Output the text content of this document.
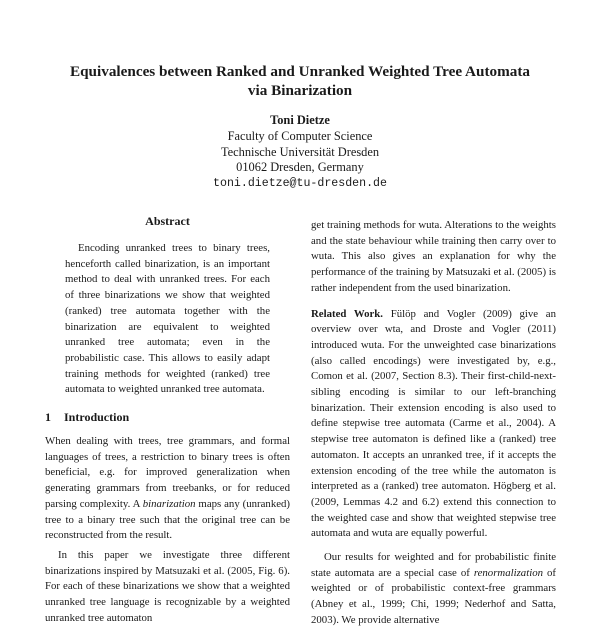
Equivalences between Ranked and Unranked Weighted Tree Automata
via Binarization
Toni Dietze
Faculty of Computer Science
Technische Universität Dresden
01062 Dresden, Germany
toni.dietze@tu-dresden.de
Abstract

Encoding unranked trees to binary trees, henceforth called binarization, is an important method to deal with unranked trees. For each of three binarizations we show that weighted (ranked) tree automata together with the binarization are equivalent to weighted unranked tree automata; even in the probabilistic case. This allows to easily adapt training methods for weighted (ranked) tree automata to weighted unranked tree automata.

1 Introduction

When dealing with trees, tree grammars, and formal languages of trees, a restriction to binary trees is often beneficial, e.g. for improved generalization when generating grammars from treebanks, or for reduced parsing complexity. A binarization maps any (unranked) tree to a binary tree such that the original tree can be reconstructed from the result.

In this paper we investigate three different binarizations inspired by Matsuzaki et al. (2005, Fig. 6). For each of these binarizations we show that a weighted unranked tree language is recognizable by a weighted unranked tree automaton

get training methods for wuta. Alterations to the weights and the state behaviour while training then carry over to wuta. This also gives an explanation for why the performance of the training by Matsuzaki et al. (2005) is rather independent from the used binarization.

Related Work. Fülöp and Vogler (2009) give an overview over wta, and Droste and Vogler (2011) introduced wuta. For the unweighted case binarizations (also called encodings) were investigated by, e.g., Comon et al. (2007, Section 8.3). Their first-child-next-sibling encoding is similar to our left-branching binarization. Their extension encoding is also used to define stepwise tree automata (Carme et al., 2004). A stepwise tree automaton is defined like a (ranked) tree automaton. It accepts an unranked tree, if it accepts the extension encoding of the tree while the automaton is interpreted as a (ranked) tree automaton. Högberg et al. (2009, Lemmas 4.2 and 6.2) extend this connection to the weighted case and show that weighted stepwise tree automata and wuta are equally powerful.

Our results for weighted and for probabilistic finite state automata are a special case of renormalization of weighted or of probabilistic context-free grammars (Abney et al., 1999; Chi, 1999; Nederhof and Satta, 2003). We provide alternative
